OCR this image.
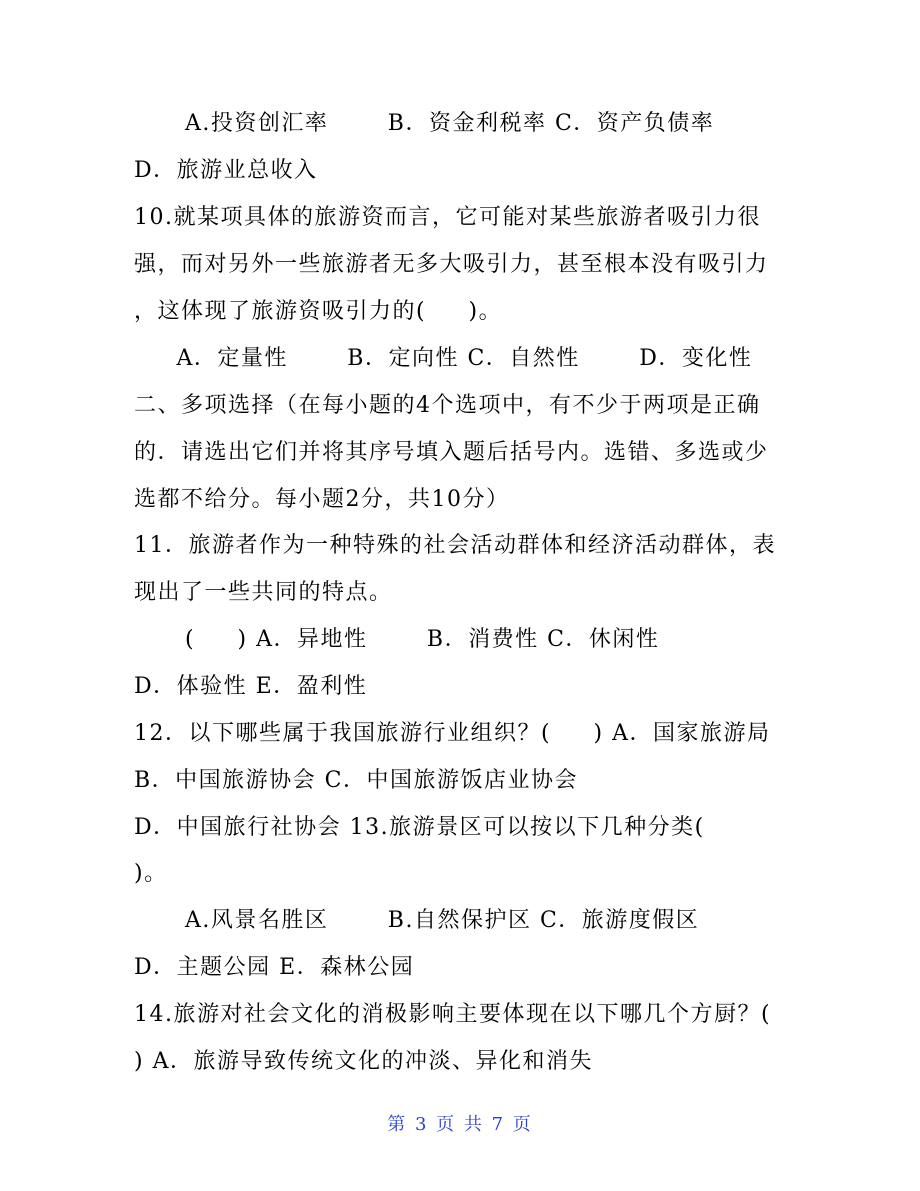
A.投资创汇率       B．资金利税率 C．资产负债率
D．旅游业总收入
10.就某项具体的旅游资而言，它可能对某些旅游者吸引力很
强，而对另外一些旅游者无多大吸引力，甚至根本没有吸引力
，这体现了旅游资吸引力的(     )。
A．定量性       B．定向性 C．自然性       D．变化性
二、多项选择（在每小题的4个选项中，有不少于两项是正确
的．请选出它们并将其序号填入题后括号内。选错、多选或少
选都不给分。每小题2分，共10分）
11．旅游者作为一种特殊的社会活动群体和经济活动群体，表
现出了一些共同的特点。
(     ) A．异地性       B．消费性 C．休闲性
D．体验性 E．盈利性
12．以下哪些属于我国旅游行业组织？(     ) A．国家旅游局
B．中国旅游协会 C．中国旅游饭店业协会
D．中国旅行社协会 13.旅游景区可以按以下几种分类(
)。
A.风景名胜区       B.自然保护区 C．旅游度假区
D．主题公园 E．森林公园
14.旅游对社会文化的消极影响主要体现在以下哪几个方厨？(
) A．旅游导致传统文化的冲淡、异化和消失
第 3 页 共 7 页
